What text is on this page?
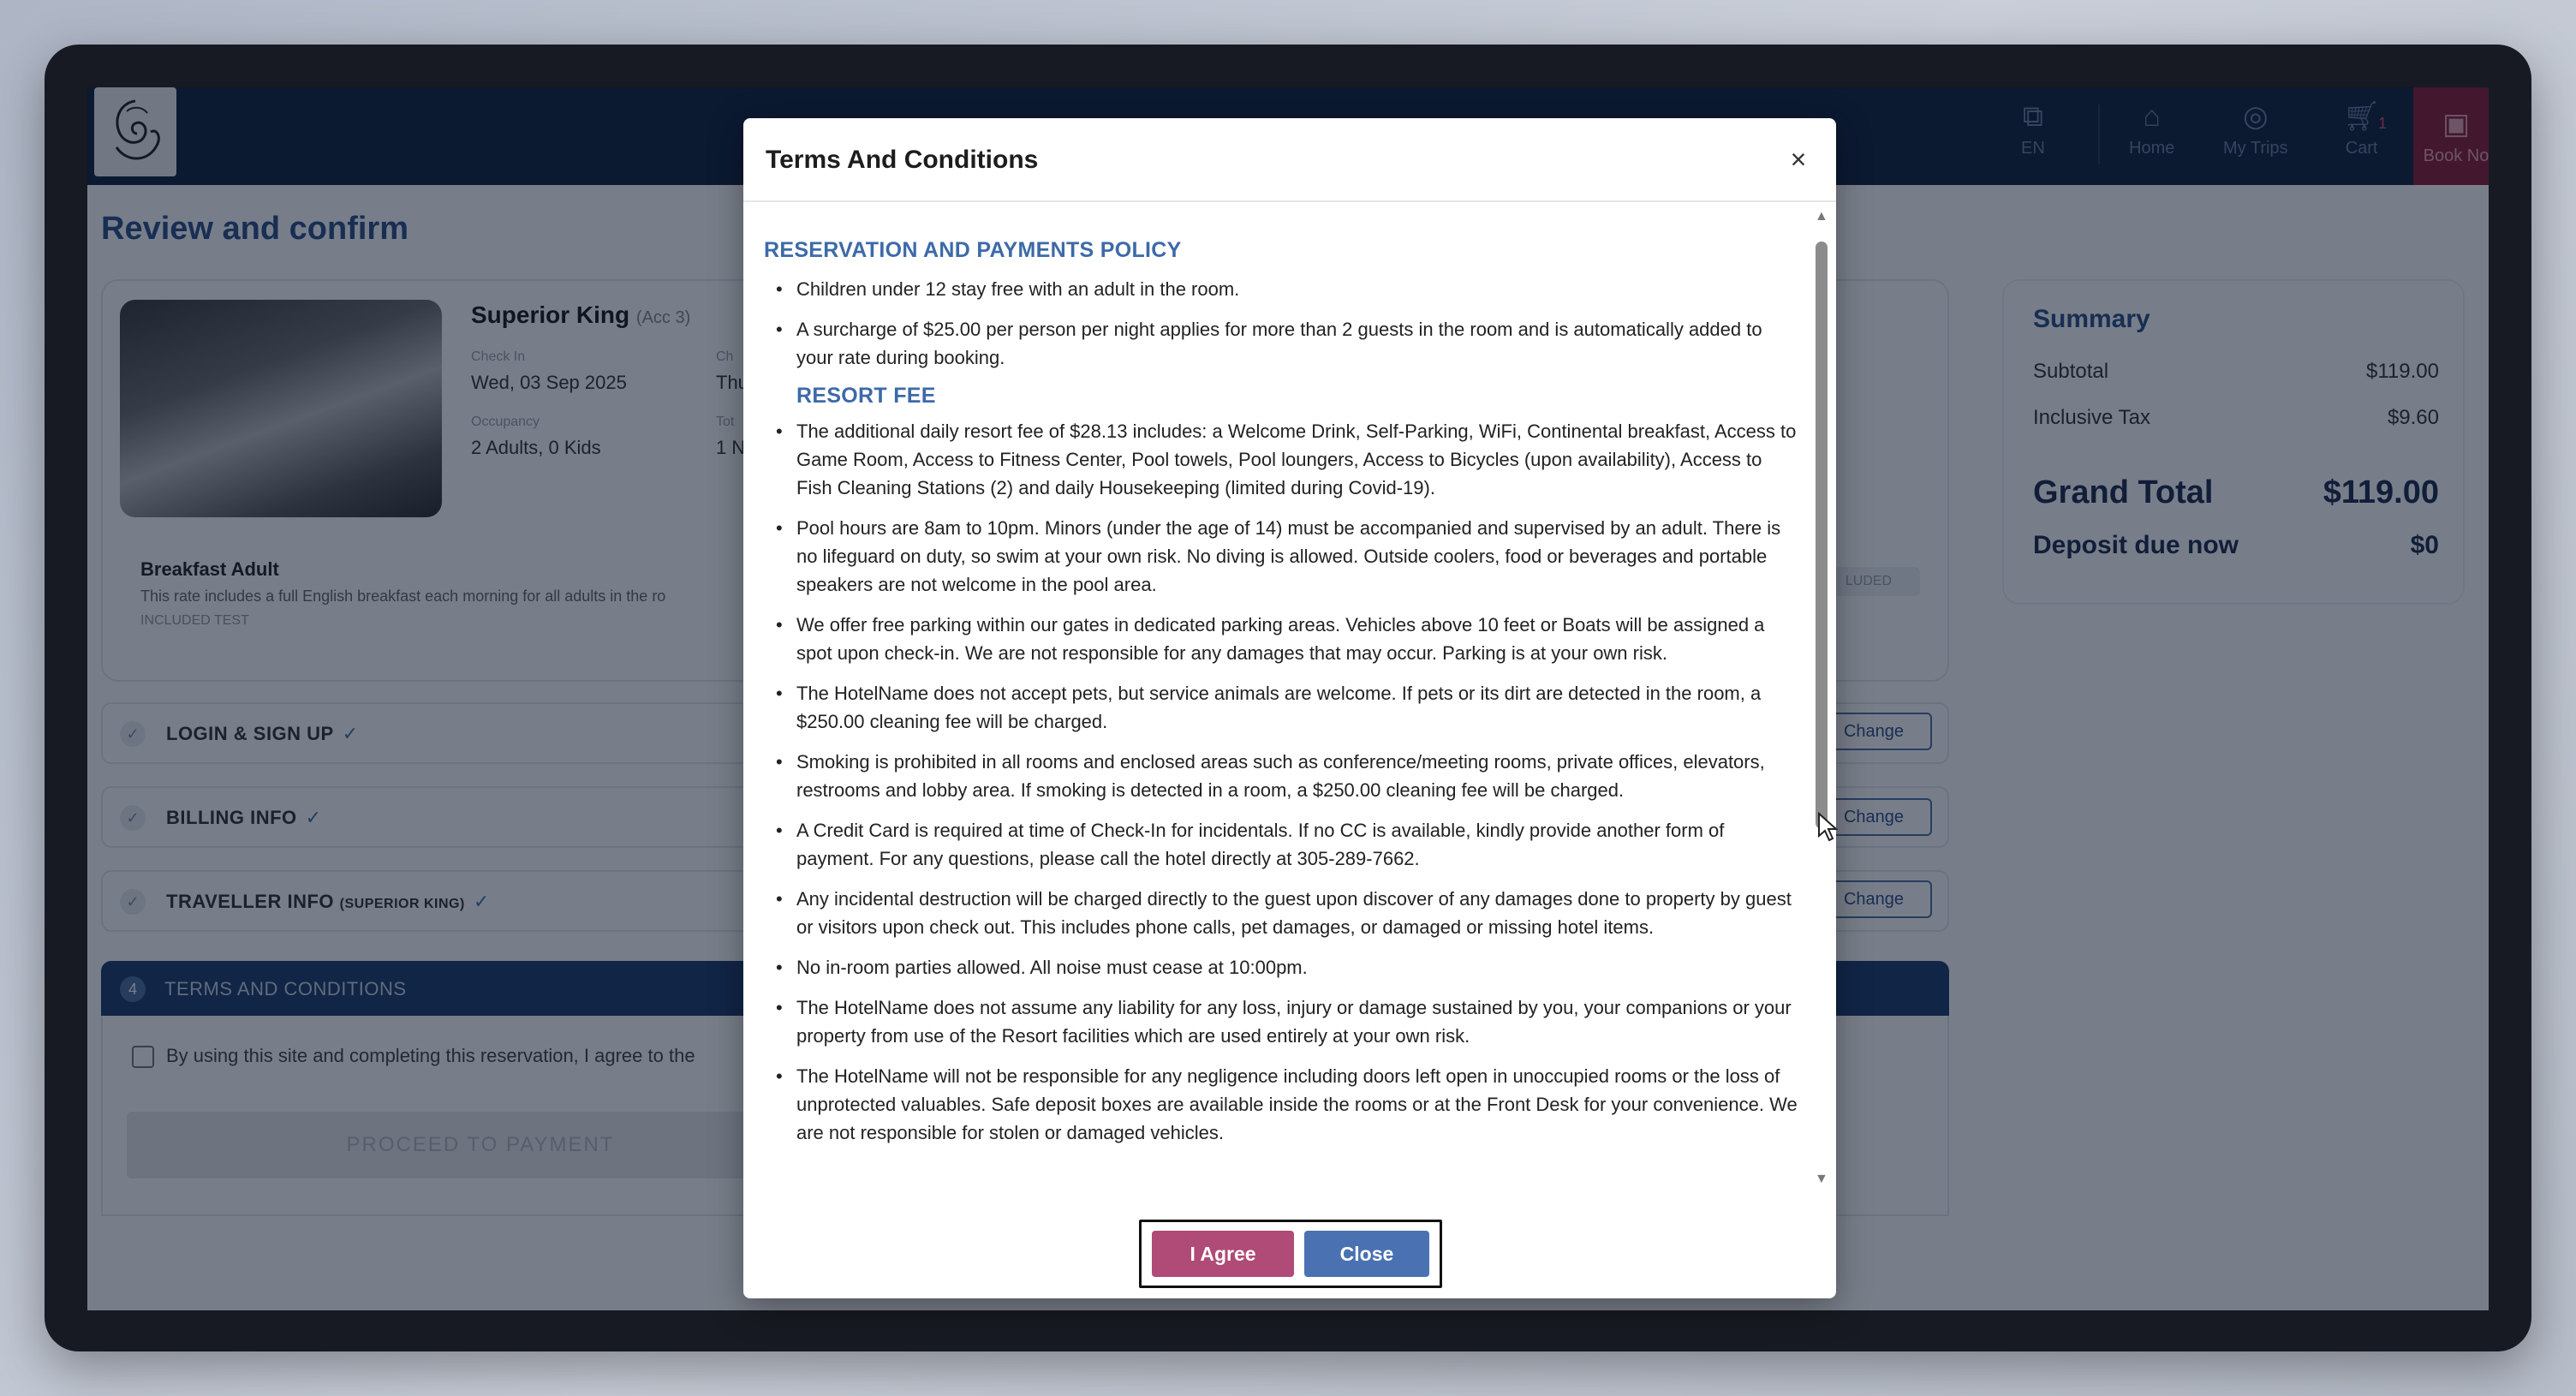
Terms And Conditions	×
RESERVATION AND PAYMENTS POLICY
• Children under 12 stay free with an adult in the room.
• A surcharge of $25.00 per person per night applies for more than 2 guests in the room and is automatically added to your rate during booking.
RESORT FEE
• The additional daily resort fee of $28.13 includes: a Welcome Drink, Self-Parking, WiFi, Continental breakfast, Access to Game Room, Access to Fitness Center, Pool towels, Pool loungers, Access to Bicycles (upon availability), Access to Fish Cleaning Stations (2) and daily Housekeeping (limited during Covid-19).
• Pool hours are 8am to 10pm. Minors (under the age of 14) must be accompanied and supervised by an adult. There is no lifeguard on duty, so swim at your own risk. No diving is allowed. Outside coolers, food or beverages and portable speakers are not welcome in the pool area.
• We offer free parking within our gates in dedicated parking areas. Vehicles above 10 feet or Boats will be assigned a spot upon check-in. We are not responsible for any damages that may occur. Parking is at your own risk.
• The HotelName does not accept pets, but service animals are welcome. If pets or its dirt are detected in the room, a $250.00 cleaning fee will be charged.
• Smoking is prohibited in all rooms and enclosed areas such as conference/meeting rooms, private offices, elevators, restrooms and lobby area. If smoking is detected in a room, a $250.00 cleaning fee will be charged.
• A Credit Card is required at time of Check-In for incidentals. If no CC is available, kindly provide another form of payment. For any questions, please call the hotel directly at 305-289-7662.
• Any incidental destruction will be charged directly to the guest upon discover of any damages done to property by guest or visitors upon check out. This includes phone calls, pet damages, or damaged or missing hotel items.
• No in-room parties allowed. All noise must cease at 10:00pm.
• The HotelName does not assume any liability for any loss, injury or damage sustained by you, your companions or your property from use of the Resort facilities which are used entirely at your own risk.
• The HotelName will not be responsible for any negligence including doors left open in unoccupied rooms or the loss of unprotected valuables. Safe deposit boxes are available inside the rooms or at the Front Desk for your convenience. We are not responsible for stolen or damaged vehicles.
▲
▼
I Agree	Close
